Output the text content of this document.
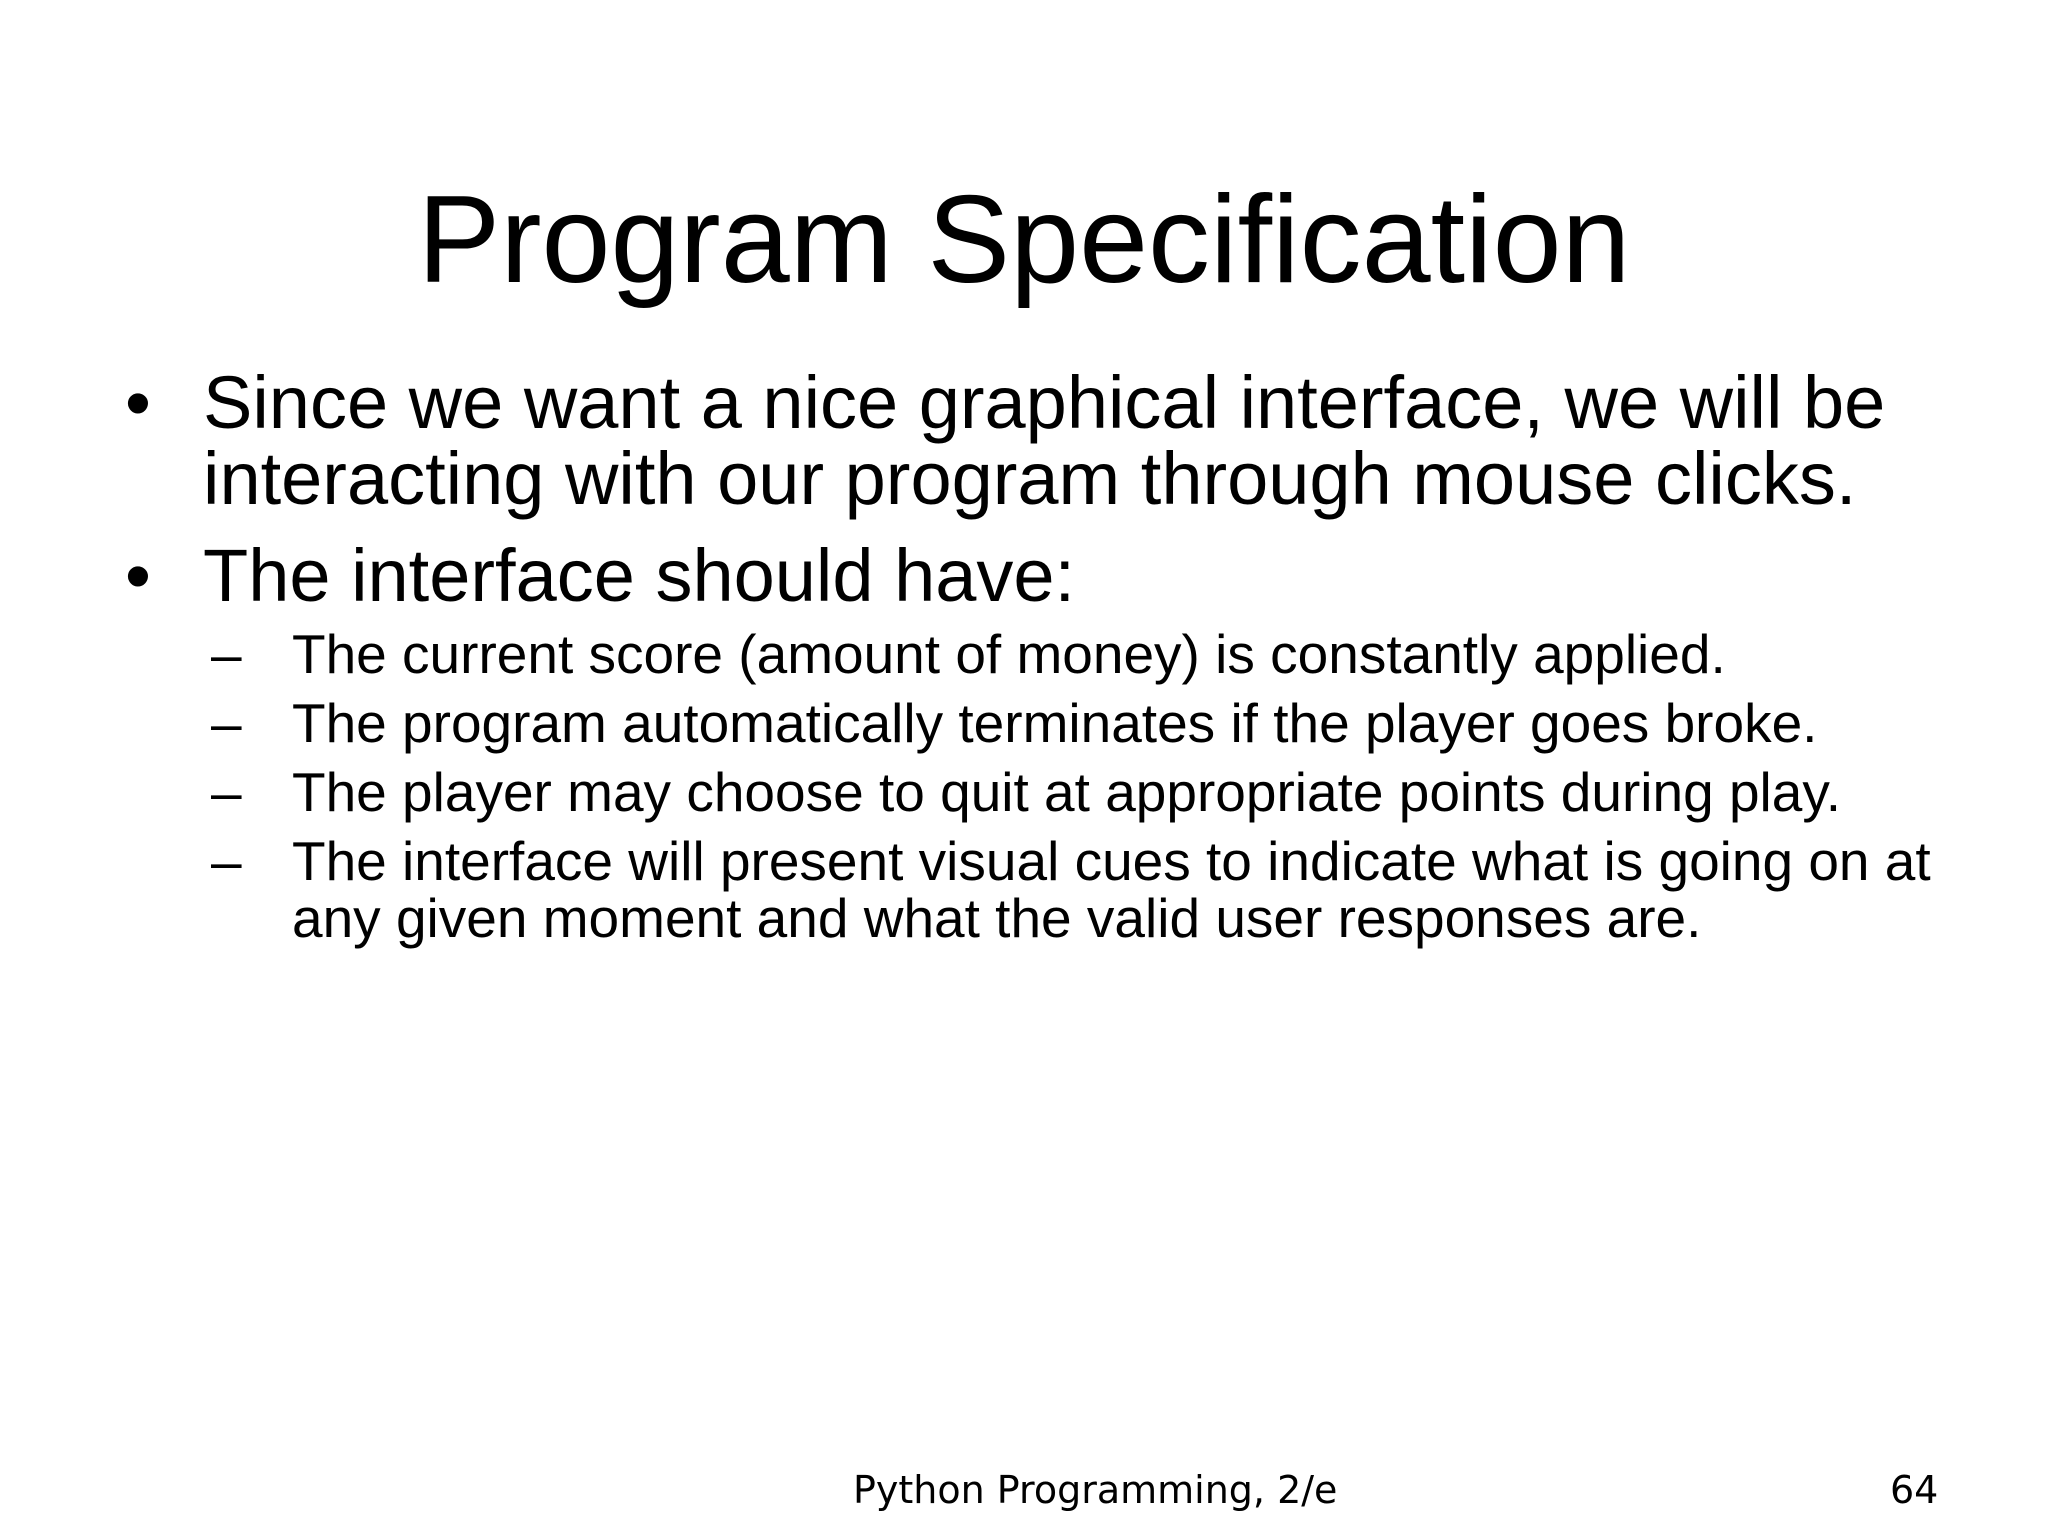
Program Specification
• Since we want a nice graphical interface, we will be interacting with our program through mouse clicks.
• The interface should have:
– The current score (amount of money) is constantly applied.
– The program automatically terminates if the player goes broke.
– The player may choose to quit at appropriate points during play.
– The interface will present visual cues to indicate what is going on at any given moment and what the valid user responses are.
Python Programming, 2/e	64
